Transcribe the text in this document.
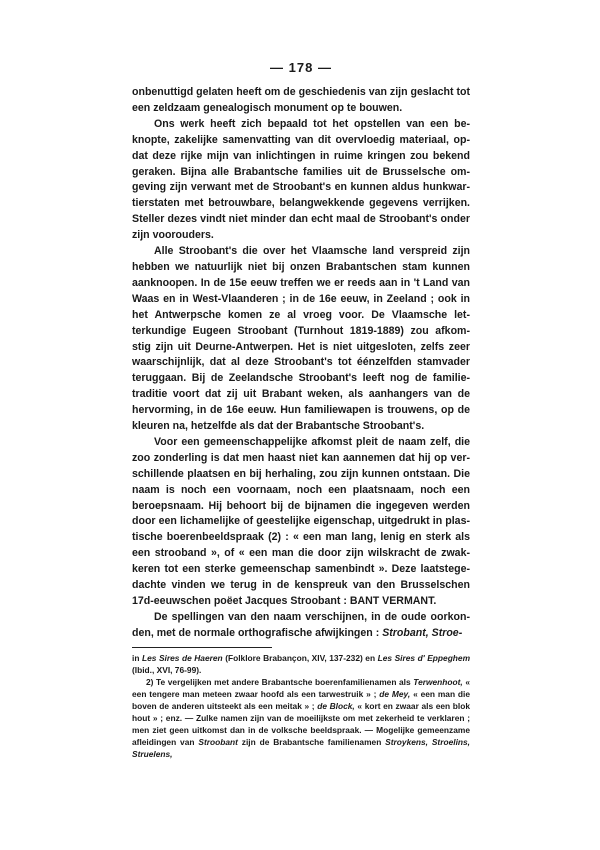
— 178 —

onbenuttigd gelaten heeft om de geschiedenis van zijn geslacht tot een zeldzaam genealogisch monument op te bouwen.

Ons werk heeft zich bepaald tot het opstellen van een be- knopte, zakelijke samenvatting van dit overvloedig materiaal, op- dat deze rijke mijn van inlichtingen in ruime kringen zou bekend geraken. Bijna alle Brabantsche families uit de Brusselsche om- geving zijn verwant met de Stroobant's en kunnen aldus hunkwar- tierstaten met betrouwbare, belangwekkende gegevens verrijken. Steller dezes vindt niet minder dan echt maal de Stroobant's onder zijn voorouders.

Alle Stroobant's die over het Vlaamsche land verspreid zijn hebben we natuurlijk niet bij onzen Brabantschen stam kunnen aanknoopen. In de 15e eeuw treffen we er reeds aan in 't Land van Waas en in West-Vlaanderen ; in de 16e eeuw, in Zeeland ; ook in het Antwerpsche komen ze al vroeg voor. De Vlaamsche let- terkundige Eugeen Stroobant (Turnhout 1819-1889) zou afkom- stig zijn uit Deurne-Antwerpen. Het is niet uitgesloten, zelfs zeer waarschijnlijk, dat al deze Stroobant's tot éénzelfden stamvader teruggaan. Bij de Zeelandsche Stroobant's leeft nog de familie- traditie voort dat zij uit Brabant weken, als aanhangers van de hervorming, in de 16e eeuw. Hun familiewapen is trouwens, op de kleuren na, hetzelfde als dat der Brabantsche Stroobant's.

Voor een gemeenschappelijke afkomst pleit de naam zelf, die zoo zonderling is dat men haast niet kan aannemen dat hij op ver- schillende plaatsen en bij herhaling, zou zijn kunnen ontstaan. Die naam is noch een voornaam, noch een plaatsnaam, noch een beroepsnaam. Hij behoort bij de bijnamen die ingegeven werden door een lichamelijke of geestelijke eigenschap, uitgedrukt in plas- tische boerenbeeldspraak (2) : « een man lang, lenig en sterk als een strooband », of « een man die door zijn wilskracht de zwak- keren tot een sterke gemeenschap samenbindt ». Deze laatstege- dachte vinden we terug in de kenspreuk van den Brusselschen 17d-eeuwschen poëet Jacques Stroobant : BANT VERMANT.

De spellingen van den naam verschijnen, in de oude oorkon- den, met de normale orthografische afwijkingen : Strobant, Stroe-

in Les Sires de Haeren (Folklore Brabançon, XIV, 137-232) en Les Sires d' Eppeghem (Ibid., XVI, 76-99).

2) Te vergelijken met andere Brabantsche boerenfamilienamen als Terwenhoot, « een tengere man meteen zwaar hoofd als een tarwestruik » ; de Mey, « een man die boven de anderen uitsteekt als een meitak » ; de Block, « kort en zwaar als een blok hout » ; enz. — Zulke namen zijn van de moeilijkste om met zekerheid te verklaren ; men ziet geen uitkomst dan in de volksche beeldspraak. — Mogelijke gemeenzame afleidingen van Stroobant zijn de Brabantsche familienamen Stroykens, Stroelins, Struelens,
